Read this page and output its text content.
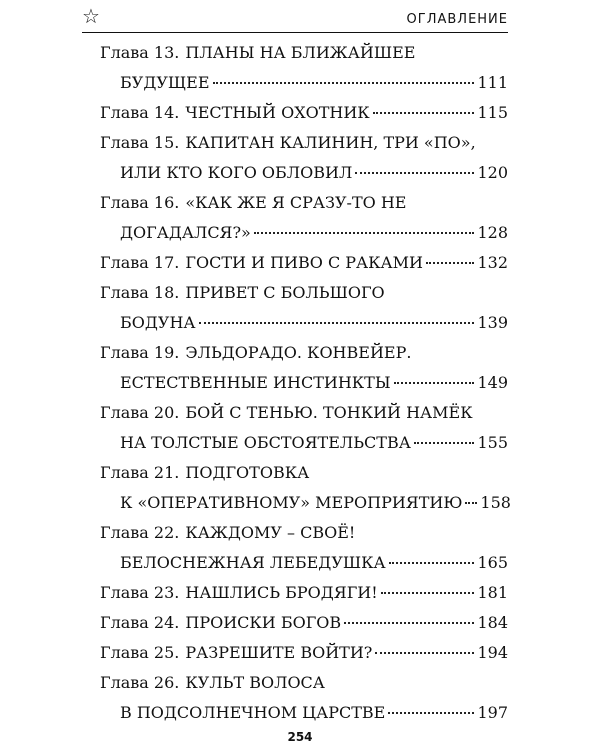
☆	ОГЛАВЛЕНИЕ
Глава 13. ПЛАНЫ НА БЛИЖАЙШЕЕ
БУДУЩЕЕ	111
Глава 14. ЧЕСТНЫЙ ОХОТНИК	115
Глава 15. КАПИТАН КАЛИНИН, ТРИ «ПО»,
ИЛИ КТО КОГО ОБЛОВИЛ	120
Глава 16. «КАК ЖЕ Я СРАЗУ-ТО НЕ
ДОГАДАЛСЯ?»	128
Глава 17. ГОСТИ И ПИВО С РАКАМИ	132
Глава 18. ПРИВЕТ С БОЛЬШОГО
БОДУНА	139
Глава 19. ЭЛЬДОРАДО. КОНВЕЙЕР.
ЕСТЕСТВЕННЫЕ ИНСТИНКТЫ	149
Глава 20. БОЙ С ТЕНЬЮ. ТОНКИЙ НАМЁК
НА ТОЛСТЫЕ ОБСТОЯТЕЛЬСТВА	155
Глава 21. ПОДГОТОВКА
К «ОПЕРАТИВНОМУ» МЕРОПРИЯТИЮ 158
Глава 22. КАЖДОМУ – СВОЁ!
БЕЛОСНЕЖНАЯ ЛЕБЕДУШКА	165
Глава 23. НАШЛИСЬ БРОДЯГИ!	181
Глава 24. ПРОИСКИ БОГОВ	184
Глава 25. РАЗРЕШИТЕ ВОЙТИ?	194
Глава 26. КУЛЬТ ВОЛОСА
В ПОДСОЛНЕЧНОМ ЦАРСТВЕ	197
254
